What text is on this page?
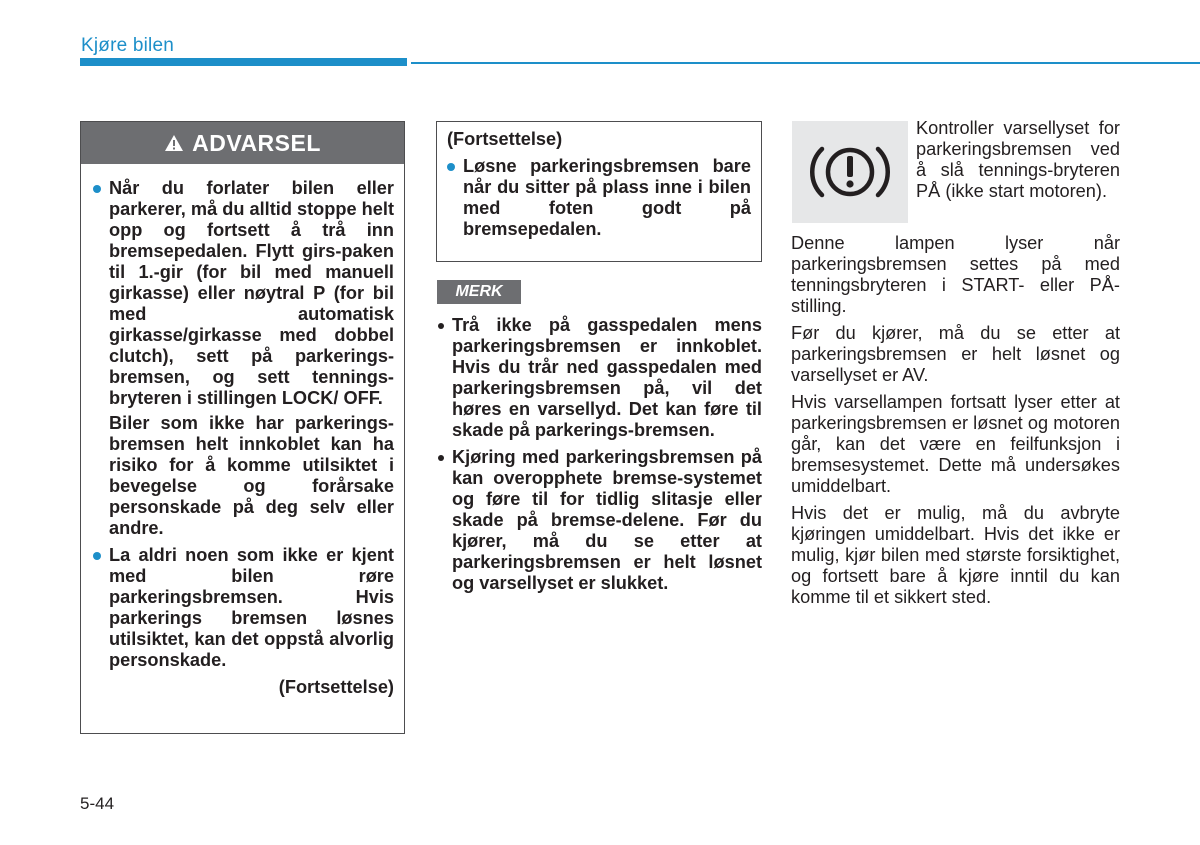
Kjøre bilen
ADVARSEL
Når du forlater bilen eller parkerer, må du alltid stoppe helt opp og fortsett å trå inn bremsepedalen. Flytt girs-paken til 1.-gir (for bil med manuell girkasse) eller nøytral P (for bil med automatisk girkasse/girkasse med dobbel clutch), sett på parkerings-bremsen, og sett tennings-bryteren i stillingen LOCK/ OFF.
Biler som ikke har parkerings-bremsen helt innkoblet kan ha risiko for å komme utilsiktet i bevegelse og forårsake personskade på deg selv eller andre.
La aldri noen som ikke er kjent med bilen røre parkeringsbremsen. Hvis parkerings bremsen løsnes utilsiktet, kan det oppstå alvorlig personskade.
(Fortsettelse)
(Fortsettelse)
Løsne parkeringsbremsen bare når du sitter på plass inne i bilen med foten godt på bremsepedalen.
MERK
Trå ikke på gasspedalen mens parkeringsbremsen er innkoblet. Hvis du trår ned gasspedalen med parkeringsbremsen på, vil det høres en varsellyd. Det kan føre til skade på parkerings-bremsen.
Kjøring med parkeringsbremsen på kan overopphete bremse-systemet og føre til for tidlig slitasje eller skade på bremse-delene. Før du kjører, må du se etter at parkeringsbremsen er helt løsnet og varsellyset er slukket.
Kontroller varsellyset for parkeringsbremsen ved å slå tennings-bryteren PÅ (ikke start motoren).

Denne lampen lyser når parkeringsbremsen settes på med tenningsbryteren i START- eller PÅ-stilling.

Før du kjører, må du se etter at parkeringsbremsen er helt løsnet og varsellyset er AV.

Hvis varsellampen fortsatt lyser etter at parkeringsbremsen er løsnet og motoren går, kan det være en feilfunksjon i bremsesystemet. Dette må undersøkes umiddelbart.

Hvis det er mulig, må du avbryte kjøringen umiddelbart. Hvis det ikke er mulig, kjør bilen med største forsiktighet, og fortsett bare å kjøre inntil du kan komme til et sikkert sted.

5-44
